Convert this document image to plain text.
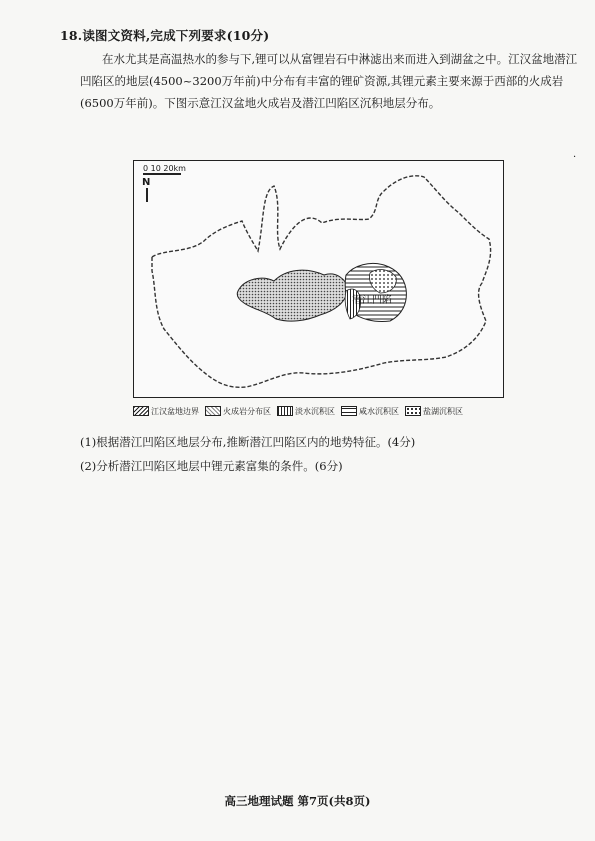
18.读图文资料,完成下列要求(10分)
在水尤其是高温热水的参与下,锂可以从富锂岩石中淋滤出来而进入到湖盆之中。江汉盆地潜江凹陷区的地层(4500~3200万年前)中分布有丰富的锂矿资源,其锂元素主要来源于西部的火成岩(6500万年前)。下图示意江汉盆地火成岩及潜江凹陷区沉积地层分布。
·
0 10 20km
N
潜江凹陷
江汉盆地边界	火成岩分布区	淡水沉积区	咸水沉积区	盐湖沉积区
(1)根据潜江凹陷区地层分布,推断潜江凹陷区内的地势特征。(4分)
(2)分析潜江凹陷区地层中锂元素富集的条件。(6分)
高三地理试题 第7页(共8页)
